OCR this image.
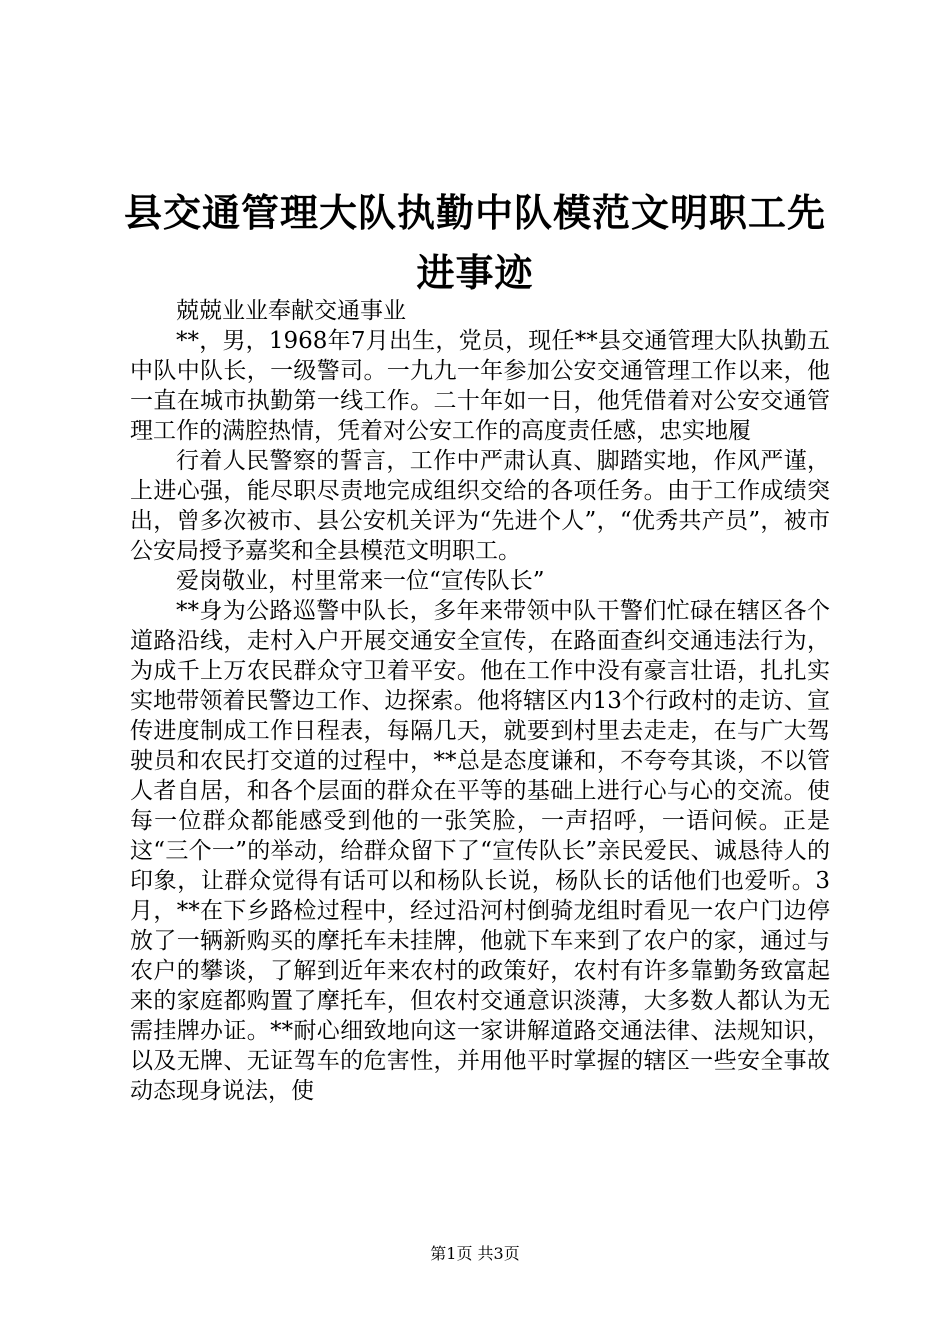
县交通管理大队执勤中队模范文明职工先进事迹

兢兢业业奉献交通事业

**，男，1968年7月出生，党员，现任**县交通管理大队执勤五中队中队长，一级警司。一九九一年参加公安交通管理工作以来，他一直在城市执勤第一线工作。二十年如一日，他凭借着对公安交通管理工作的满腔热情，凭着对公安工作的高度责任感，忠实地履

行着人民警察的誓言，工作中严肃认真、脚踏实地，作风严谨，上进心强，能尽职尽责地完成组织交给的各项任务。由于工作成绩突出，曾多次被市、县公安机关评为“先进个人”，“优秀共产员”，被市公安局授予嘉奖和全县模范文明职工。

爱岗敬业，村里常来一位“宣传队长”

**身为公路巡警中队长，多年来带领中队干警们忙碌在辖区各个道路沿线，走村入户开展交通安全宣传，在路面查纠交通违法行为，为成千上万农民群众守卫着平安。他在工作中没有豪言壮语，扎扎实实地带领着民警边工作、边探索。他将辖区内13个行政村的走访、宣传进度制成工作日程表，每隔几天，就要到村里去走走，在与广大驾驶员和农民打交道的过程中，**总是态度谦和，不夸夸其谈，不以管人者自居，和各个层面的群众在平等的基础上进行心与心的交流。使每一位群众都能感受到他的一张笑脸，一声招呼，一语问候。正是这“三个一”的举动，给群众留下了“宣传队长”亲民爱民、诚恳待人的印象，让群众觉得有话可以和杨队长说，杨队长的话他们也爱听。3月，**在下乡路检过程中，经过沿河村倒骑龙组时看见一农户门边停放了一辆新购买的摩托车未挂牌，他就下车来到了农户的家，通过与农户的攀谈，了解到近年来农村的政策好，农村有许多靠勤务致富起来的家庭都购置了摩托车，但农村交通意识淡薄，大多数人都认为无需挂牌办证。**耐心细致地向这一家讲解道路交通法律、法规知识，以及无牌、无证驾车的危害性，并用他平时掌握的辖区一些安全事故动态现身说法，使

第1页 共3页
